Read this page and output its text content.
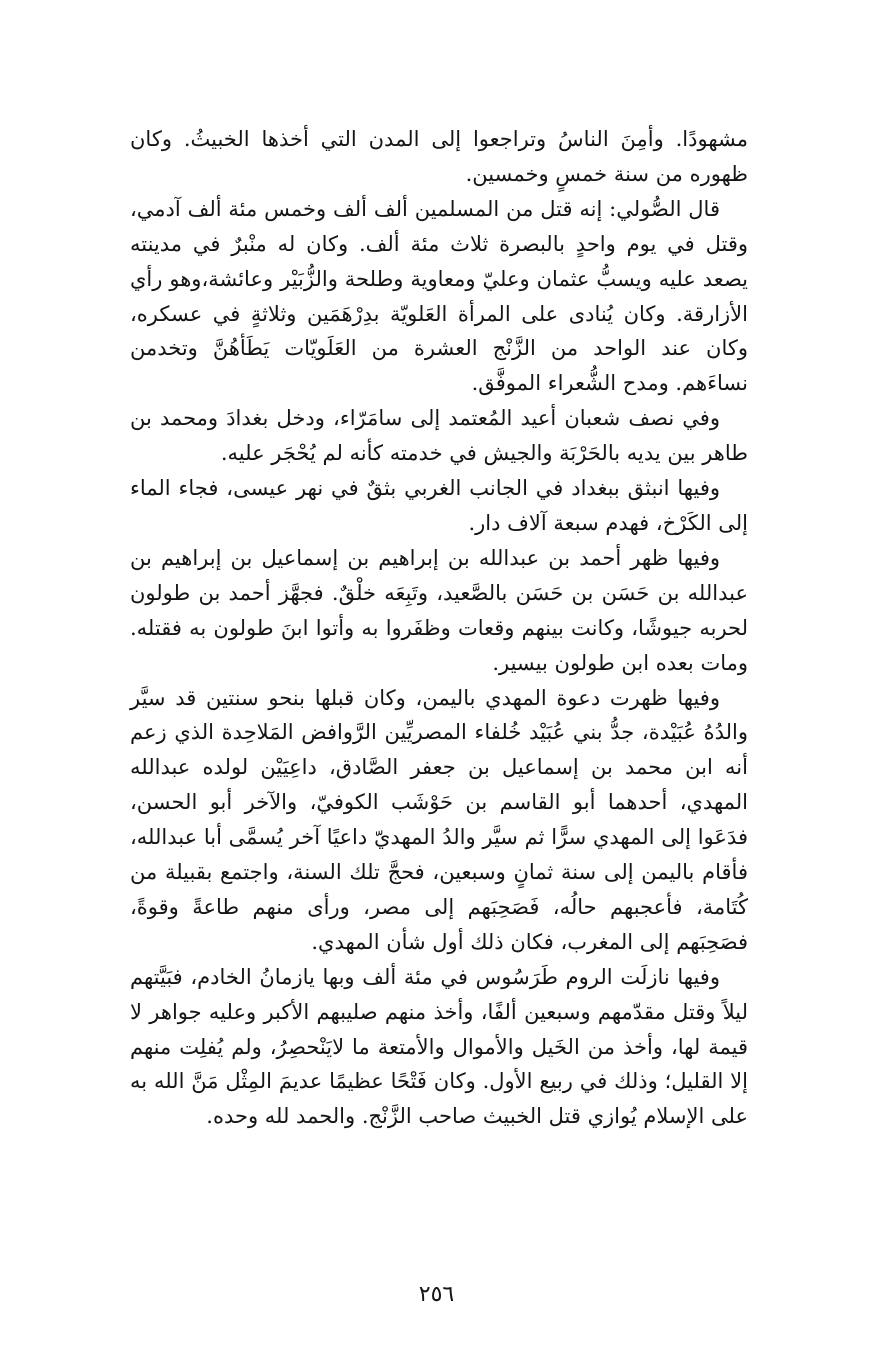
مشهودًا. وأمِنَ الناسُ وتراجعوا إلى المدن التي أخذها الخبيثُ. وكان ظهوره من سنة خمسٍ وخمسين.

قال الصُّولي: إنه قتل من المسلمين ألف ألف وخمس مئة ألف آدمي، وقتل في يوم واحدٍ بالبصرة ثلاث مئة ألف. وكان له منْبرٌ في مدينته يصعد عليه ويسبُّ عثمان وعليّ ومعاوية وطلحة والزُّبَيْر وعائشة،وهو رأي الأزارقة. وكان يُنادى على المرأة العَلويّة بدِرْهَمَين وثلاثةٍ في عسكره، وكان عند الواحد من الزَّنْج العشرة من العَلَويّات يَطَأهُنَّ وتخدمن نساءَهم. ومدح الشُّعراء الموفَّق.

وفي نصف شعبان أعيد المُعتمد إلى سامَرّاء، ودخل بغدادَ ومحمد بن طاهر بين يديه بالحَرْبَة والجيش في خدمته كأنه لم يُحْجَر عليه.

وفيها انبثق ببغداد في الجانب الغربي بثقٌ في نهر عيسى، فجاء الماء إلى الكَرْخ، فهدم سبعة آلاف دار.

وفيها ظهر أحمد بن عبدالله بن إبراهيم بن إسماعيل بن إبراهيم بن عبدالله بن حَسَن بن حَسَن بالصَّعيد، وتَبِعَه خلْقٌ. فجهَّز أحمد بن طولون لحربه جيوشًا، وكانت بينهم وقعات وظفَروا به وأتوا ابنَ طولون به فقتله. ومات بعده ابن طولون بيسير.

وفيها ظهرت دعوة المهدي باليمن، وكان قبلها بنحو سنتين قد سيَّر والدُهُ عُبَيْدة، جدُّ بني عُبَيْد خُلفاء المصريِّين الرَّوافض المَلاحِدة الذي زعم أنه ابن محمد بن إسماعيل بن جعفر الصَّادق، داعِيَيْن لولده عبدالله المهدي، أحدهما أبو القاسم بن حَوْشَب الكوفيّ، والآخر أبو الحسن، فدَعَوا إلى المهدي سرًّا ثم سيَّر والدُ المهديّ داعيًا آخر يُسمَّى أبا عبدالله، فأقام باليمن إلى سنة ثمانٍ وسبعين، فحجَّ تلك السنة، واجتمع بقبيلة من كُتَامة، فأعجبهم حالُه، فَصَحِبَهم إلى مصر، ورأى منهم طاعةً وقوةً، فصَحِبَهم إلى المغرب، فكان ذلك أول شأن المهدي.

وفيها نازلَت الروم طَرَسُوس في مئة ألف وبها يازمانُ الخادم، فبَيَّتهم ليلاً وقتل مقدّمهم وسبعين ألفًا، وأخذ منهم صليبهم الأكبر وعليه جواهر لا قيمة لها، وأخذ من الخَيل والأموال والأمتعة ما لايَنْحصِرُ، ولم يُفلِت منهم إلا القليل؛ وذلك في ربيع الأول. وكان فَتْحًا عظيمًا عديمَ المِثْل مَنَّ الله به على الإسلام يُوازي قتل الخبيث صاحب الزَّنْج. والحمد لله وحده.

٢٥٦
